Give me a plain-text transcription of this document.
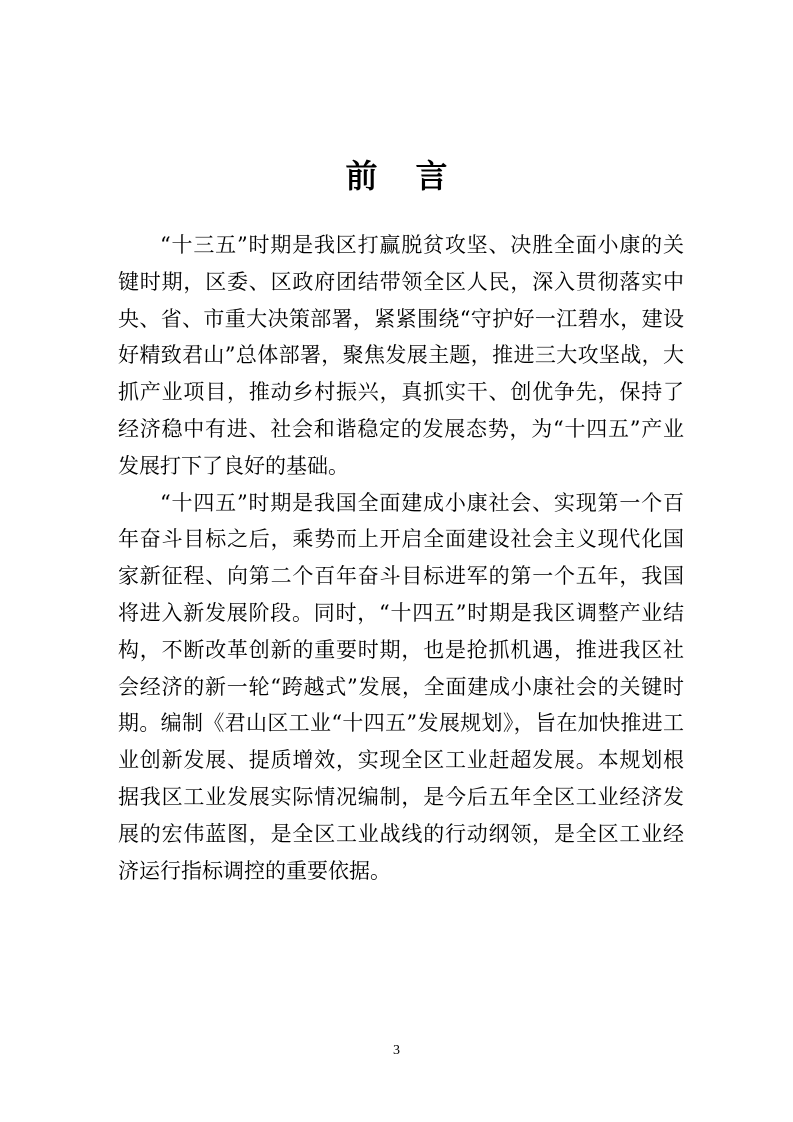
前言

“十三五”时期是我区打赢脱贫攻坚、决胜全面小康的关键时期，区委、区政府团结带领全区人民，深入贯彻落实中央、省、市重大决策部署，紧紧围绕“守护好一江碧水，建设好精致君山”总体部署，聚焦发展主题，推进三大攻坚战，大抓产业项目，推动乡村振兴，真抓实干、创优争先，保持了经济稳中有进、社会和谐稳定的发展态势，为“十四五”产业发展打下了良好的基础。

“十四五”时期是我国全面建成小康社会、实现第一个百年奋斗目标之后，乘势而上开启全面建设社会主义现代化国家新征程、向第二个百年奋斗目标进军的第一个五年，我国将进入新发展阶段。同时，“十四五”时期是我区调整产业结构，不断改革创新的重要时期，也是抢抓机遇，推进我区社会经济的新一轮“跨越式”发展，全面建成小康社会的关键时期。编制《君山区工业“十四五”发展规划》，旨在加快推进工业创新发展、提质增效，实现全区工业赶超发展。本规划根据我区工业发展实际情况编制，是今后五年全区工业经济发展的宏伟蓝图，是全区工业战线的行动纲领，是全区工业经济运行指标调控的重要依据。

3
